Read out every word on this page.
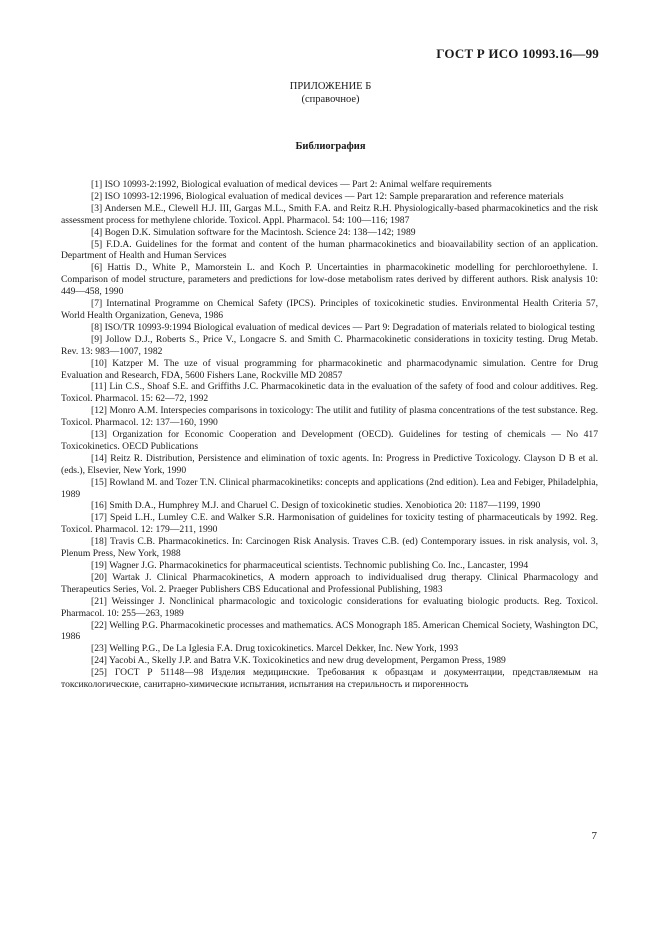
ГОСТ Р ИСО 10993.16—99
ПРИЛОЖЕНИЕ Б
(справочное)
Библиография

[1] ISO 10993-2:1992, Biological evaluation of medical devices — Part 2: Animal welfare requirements

[2] ISO 10993-12:1996, Biological evaluation of medical devices — Part 12: Sample prepararation and reference materials

[3] Andersen M.E., Clewell H.J. III, Gargas M.L., Smith F.A. and Reitz R.H. Physiologically-based pharmacokinetics and the risk assessment process for methylene chloride. Toxicol. Appl. Pharmacol. 54: 100—116; 1987

[4] Bogen D.K. Simulation software for the Macintosh. Science 24: 138—142; 1989

[5] F.D.A. Guidelines for the format and content of the human pharmacokinetics and bioavailability section of an application. Department of Health and Human Services

[6] Hattis D., White P., Mamorstein L. and Koch P. Uncertainties in pharmacokinetic modelling for perchloroethylene. I. Comparison of model structure, parameters and predictions for low-dose metabolism rates derived by different authors. Risk analysis 10: 449—458, 1990

[7] Internatinal Programme on Chemical Safety (IPCS). Principles of toxicokinetic studies. Environmental Health Criteria 57, World Health Organization, Geneva, 1986

[8] ISO/TR 10993-9:1994 Biological evaluation of medical devices — Part 9: Degradation of materials related to biological testing

[9] Jollow D.J., Roberts S., Price V., Longacre S. and Smith C. Pharmacokinetic considerations in toxicity testing. Drug Metab. Rev. 13: 983—1007, 1982

[10] Katzper M. The uze of visual programming for pharmacokinetic and pharmacodynamic simulation. Centre for Drug Evaluation and Research, FDA, 5600 Fishers Lane, Rockville MD 20857

[11] Lin C.S., Shoaf S.E. and Griffiths J.C. Pharmacokinetic data in the evaluation of the safety of food and colour additives. Reg. Toxicol. Pharmacol. 15: 62—72, 1992

[12] Monro A.M. Interspecies comparisons in toxicology: The utilit and futility of plasma concentrations of the test substance. Reg. Toxicol. Pharmacol. 12: 137—160, 1990

[13] Organization for Economic Cooperation and Development (OECD). Guidelines for testing of chemicals — No 417 Toxicokinetics. OECD Publications

[14] Reitz R. Distribution, Persistence and elimination of toxic agents. In: Progress in Predictive Toxicology. Clayson D B et al. (eds.), Elsevier, New York, 1990

[15] Rowland M. and Tozer T.N. Clinical pharmacokinetiks: concepts and applications (2nd edition). Lea and Febiger, Philadelphia, 1989

[16] Smith D.A., Humphrey M.J. and Charuel C. Design of toxicokinetic studies. Xenobiotica 20: 1187—1199, 1990

[17] Speid L.H., Lumley C.E. and Walker S.R. Harmonisation of guidelines for toxicity testing of pharmaceuticals by 1992. Reg. Toxicol. Pharmacol. 12: 179—211, 1990

[18] Travis C.B. Pharmacokinetics. In: Carcinogen Risk Analysis. Traves C.B. (ed) Contemporary issues. in risk analysis, vol. 3, Plenum Press, New York, 1988

[19] Wagner J.G. Pharmacokinetics for pharmaceutical scientists. Technomic publishing Co. Inc., Lancaster, 1994

[20] Wartak J. Clinical Pharmacokinetics, A modern approach to individualised drug therapy. Clinical Pharmacology and Therapeutics Series, Vol. 2. Praeger Publishers CBS Educational and Professional Publishing, 1983

[21] Weissinger J. Nonclinical pharmacologic and toxicologic considerations for evaluating biologic products. Reg. Toxicol. Pharmacol. 10: 255—263, 1989

[22] Welling P.G. Pharmacokinetic processes and mathematics. ACS Monograph 185. American Chemical Society, Washington DC, 1986

[23] Welling P.G., De La Iglesia F.A. Drug toxicokinetics. Marcel Dekker, Inc. New York, 1993

[24] Yacobi A., Skelly J.P. and Batra V.K. Toxicokinetics and new drug development, Pergamon Press, 1989

[25] ГОСТ Р 51148—98 Изделия медицинские. Требования к образцам и документации, представляемым на токсикологические, санитарно-химические испытания, испытания на стерильность и пирогенность

7
